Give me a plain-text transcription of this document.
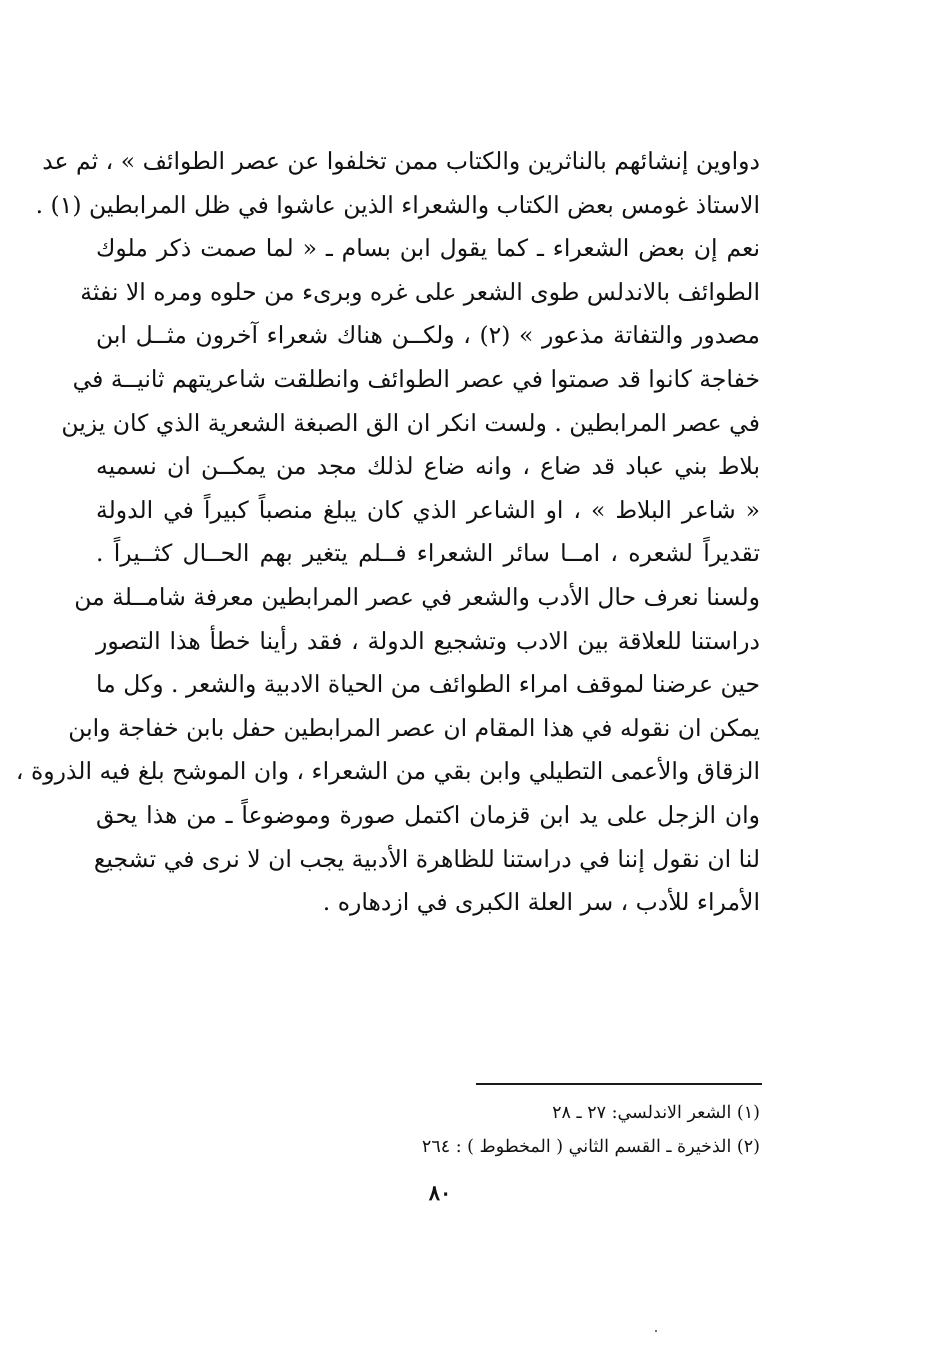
دواوين إنشائهم بالناثرين والكتاب ممن تخلفوا عن عصر الطوائف » ، ثم عد
الاستاذ غومس بعض الكتاب والشعراء الذين عاشوا في ظل المرابطين (١) .
نعم إن بعض الشعراء ـ كما يقول ابن بسام ـ « لما صمت ذكر ملوك
الطوائف بالاندلس طوى الشعر على غره وبرىء من حلوه ومره الا نفثة
مصدور والتفاتة مذعور » (٢) ، ولكــن هناك شعراء آخرون مثــل ابن
خفاجة كانوا قد صمتوا في عصر الطوائف وانطلقت شاعريتهم ثانيــة في
في عصر المرابطين . ولست انكر ان الق الصبغة الشعرية الذي كان يزين
بلاط بني عباد قد ضاع ، وانه ضاع لذلك مجد من يمكــن ان نسميه
« شاعر البلاط » ، او الشاعر الذي كان يبلغ منصباً كبيراً في الدولة
تقديراً لشعره ، امــا سائر الشعراء فــلم يتغير بهم الحــال كثــيراً .
ولسنا نعرف حال الأدب والشعر في عصر المرابطين معرفة شامــلة من
دراستنا للعلاقة بين الادب وتشجيع الدولة ، فقد رأينا خطأ هذا التصور
حين عرضنا لموقف امراء الطوائف من الحياة الادبية والشعر . وكل ما
يمكن ان نقوله في هذا المقام ان عصر المرابطين حفل بابن خفاجة وابن
الزقاق والأعمى التطيلي وابن بقي من الشعراء ، وان الموشح بلغ فيه الذروة ،
وان الزجل على يد ابن قزمان اكتمل صورة وموضوعاً ـ من هذا يحق
لنا ان نقول إننا في دراستنا للظاهرة الأدبية يجب ان لا نرى في تشجيع
الأمراء للأدب ، سر العلة الكبرى في ازدهاره .
(١) الشعر الاندلسي: ٢٧ ـ ٢٨
(٢) الذخيرة ـ القسم الثاني ( المخطوط ) : ٢٦٤
٨٠
